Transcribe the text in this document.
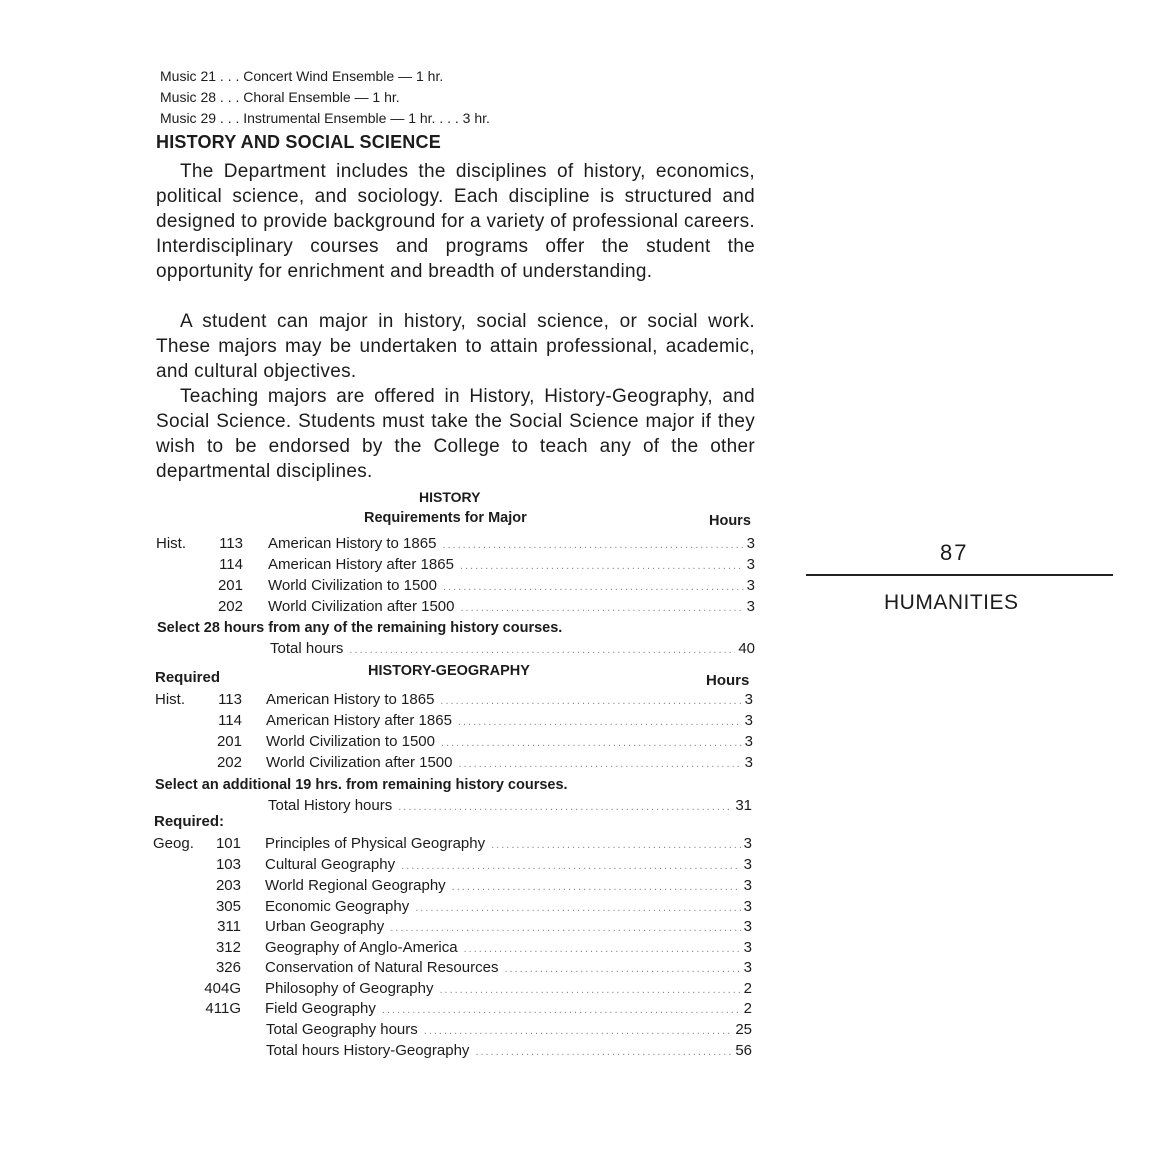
Music 21 . . . Concert Wind Ensemble — 1 hr.
Music 28 . . . Choral Ensemble — 1 hr.
Music 29 . . . Instrumental Ensemble — 1 hr. . . . 3 hr.
HISTORY AND SOCIAL SCIENCE

The Department includes the disciplines of history, economics, political science, and sociology. Each discipline is structured and designed to provide background for a variety of professional careers. Interdisciplinary courses and programs offer the student the opportunity for enrichment and breadth of understanding.

A student can major in history, social science, or social work. These majors may be undertaken to attain professional, academic, and cultural objectives.

Teaching majors are offered in History, History-Geography, and Social Science. Students must take the Social Science major if they wish to be endorsed by the College to teach any of the other departmental disciplines.

HISTORY
Requirements for Major	Hours
Hist.	113 American History to 1865 .....	3
114 American History after 1865 .....	3
201 World Civilization to 1500 .....	3
202 World Civilization after 1500 .....	3
Select 28 hours from any of the remaining history courses.
Total hours .....	40
Required	HISTORY-GEOGRAPHY
Hours
Hist.	113 American History to 1865 .....	3
114 American History after 1865 .....	3
201 World Civilization to 1500 .....	3
202 World Civilization after 1500 .....	3
Select an additional 19 hrs. from remaining history courses.
Total History hours .....	31
Required:
Geog.	101 Principles of Physical Geography .....	3
103 Cultural Geography .....	3
203 World Regional Geography .....	3
305 Economic Geography .....	3
311 Urban Geography .....	3
312 Geography of Anglo-America .....	3
326 Conservation of Natural Resources .....	3
404G Philosophy of Geography .....	2
411G Field Geography .....	2
Total Geography hours .....	25
Total hours History-Geography .....	56
87
HUMANITIES
